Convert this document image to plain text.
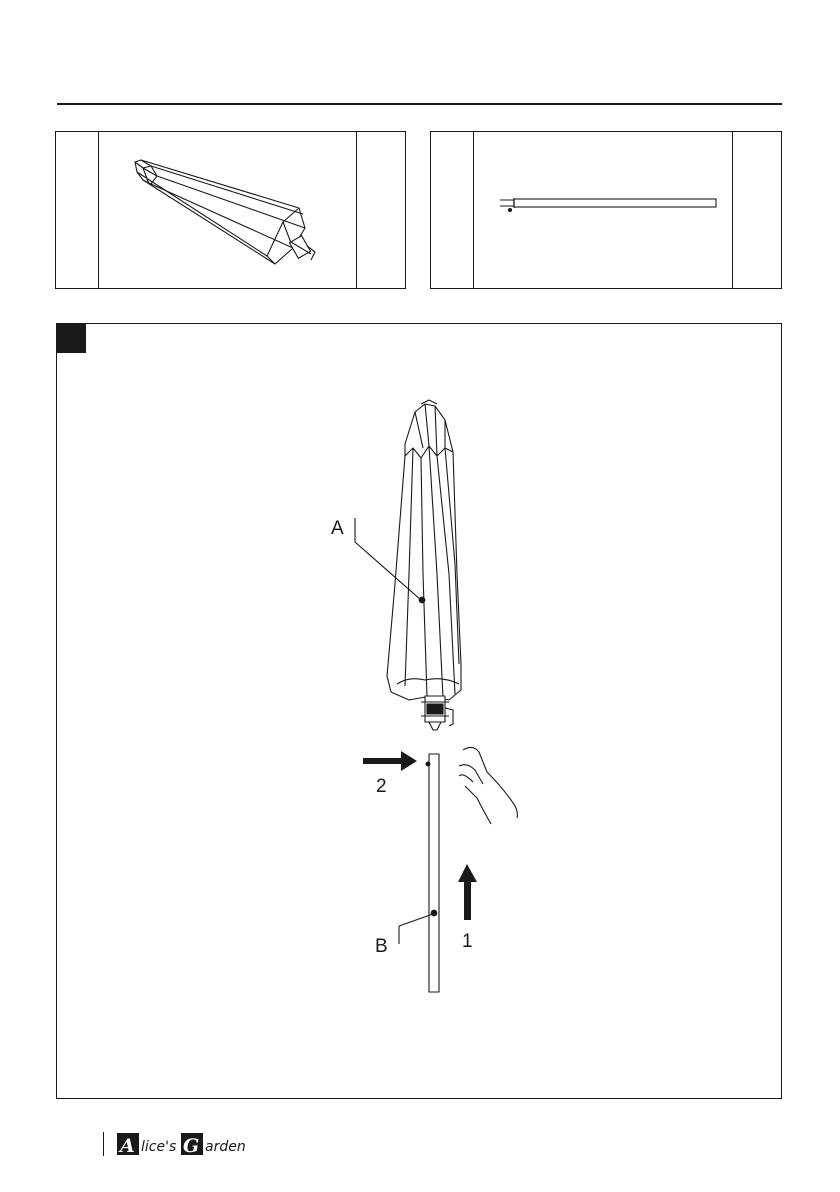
A
2
B	1
A lice's G arden
